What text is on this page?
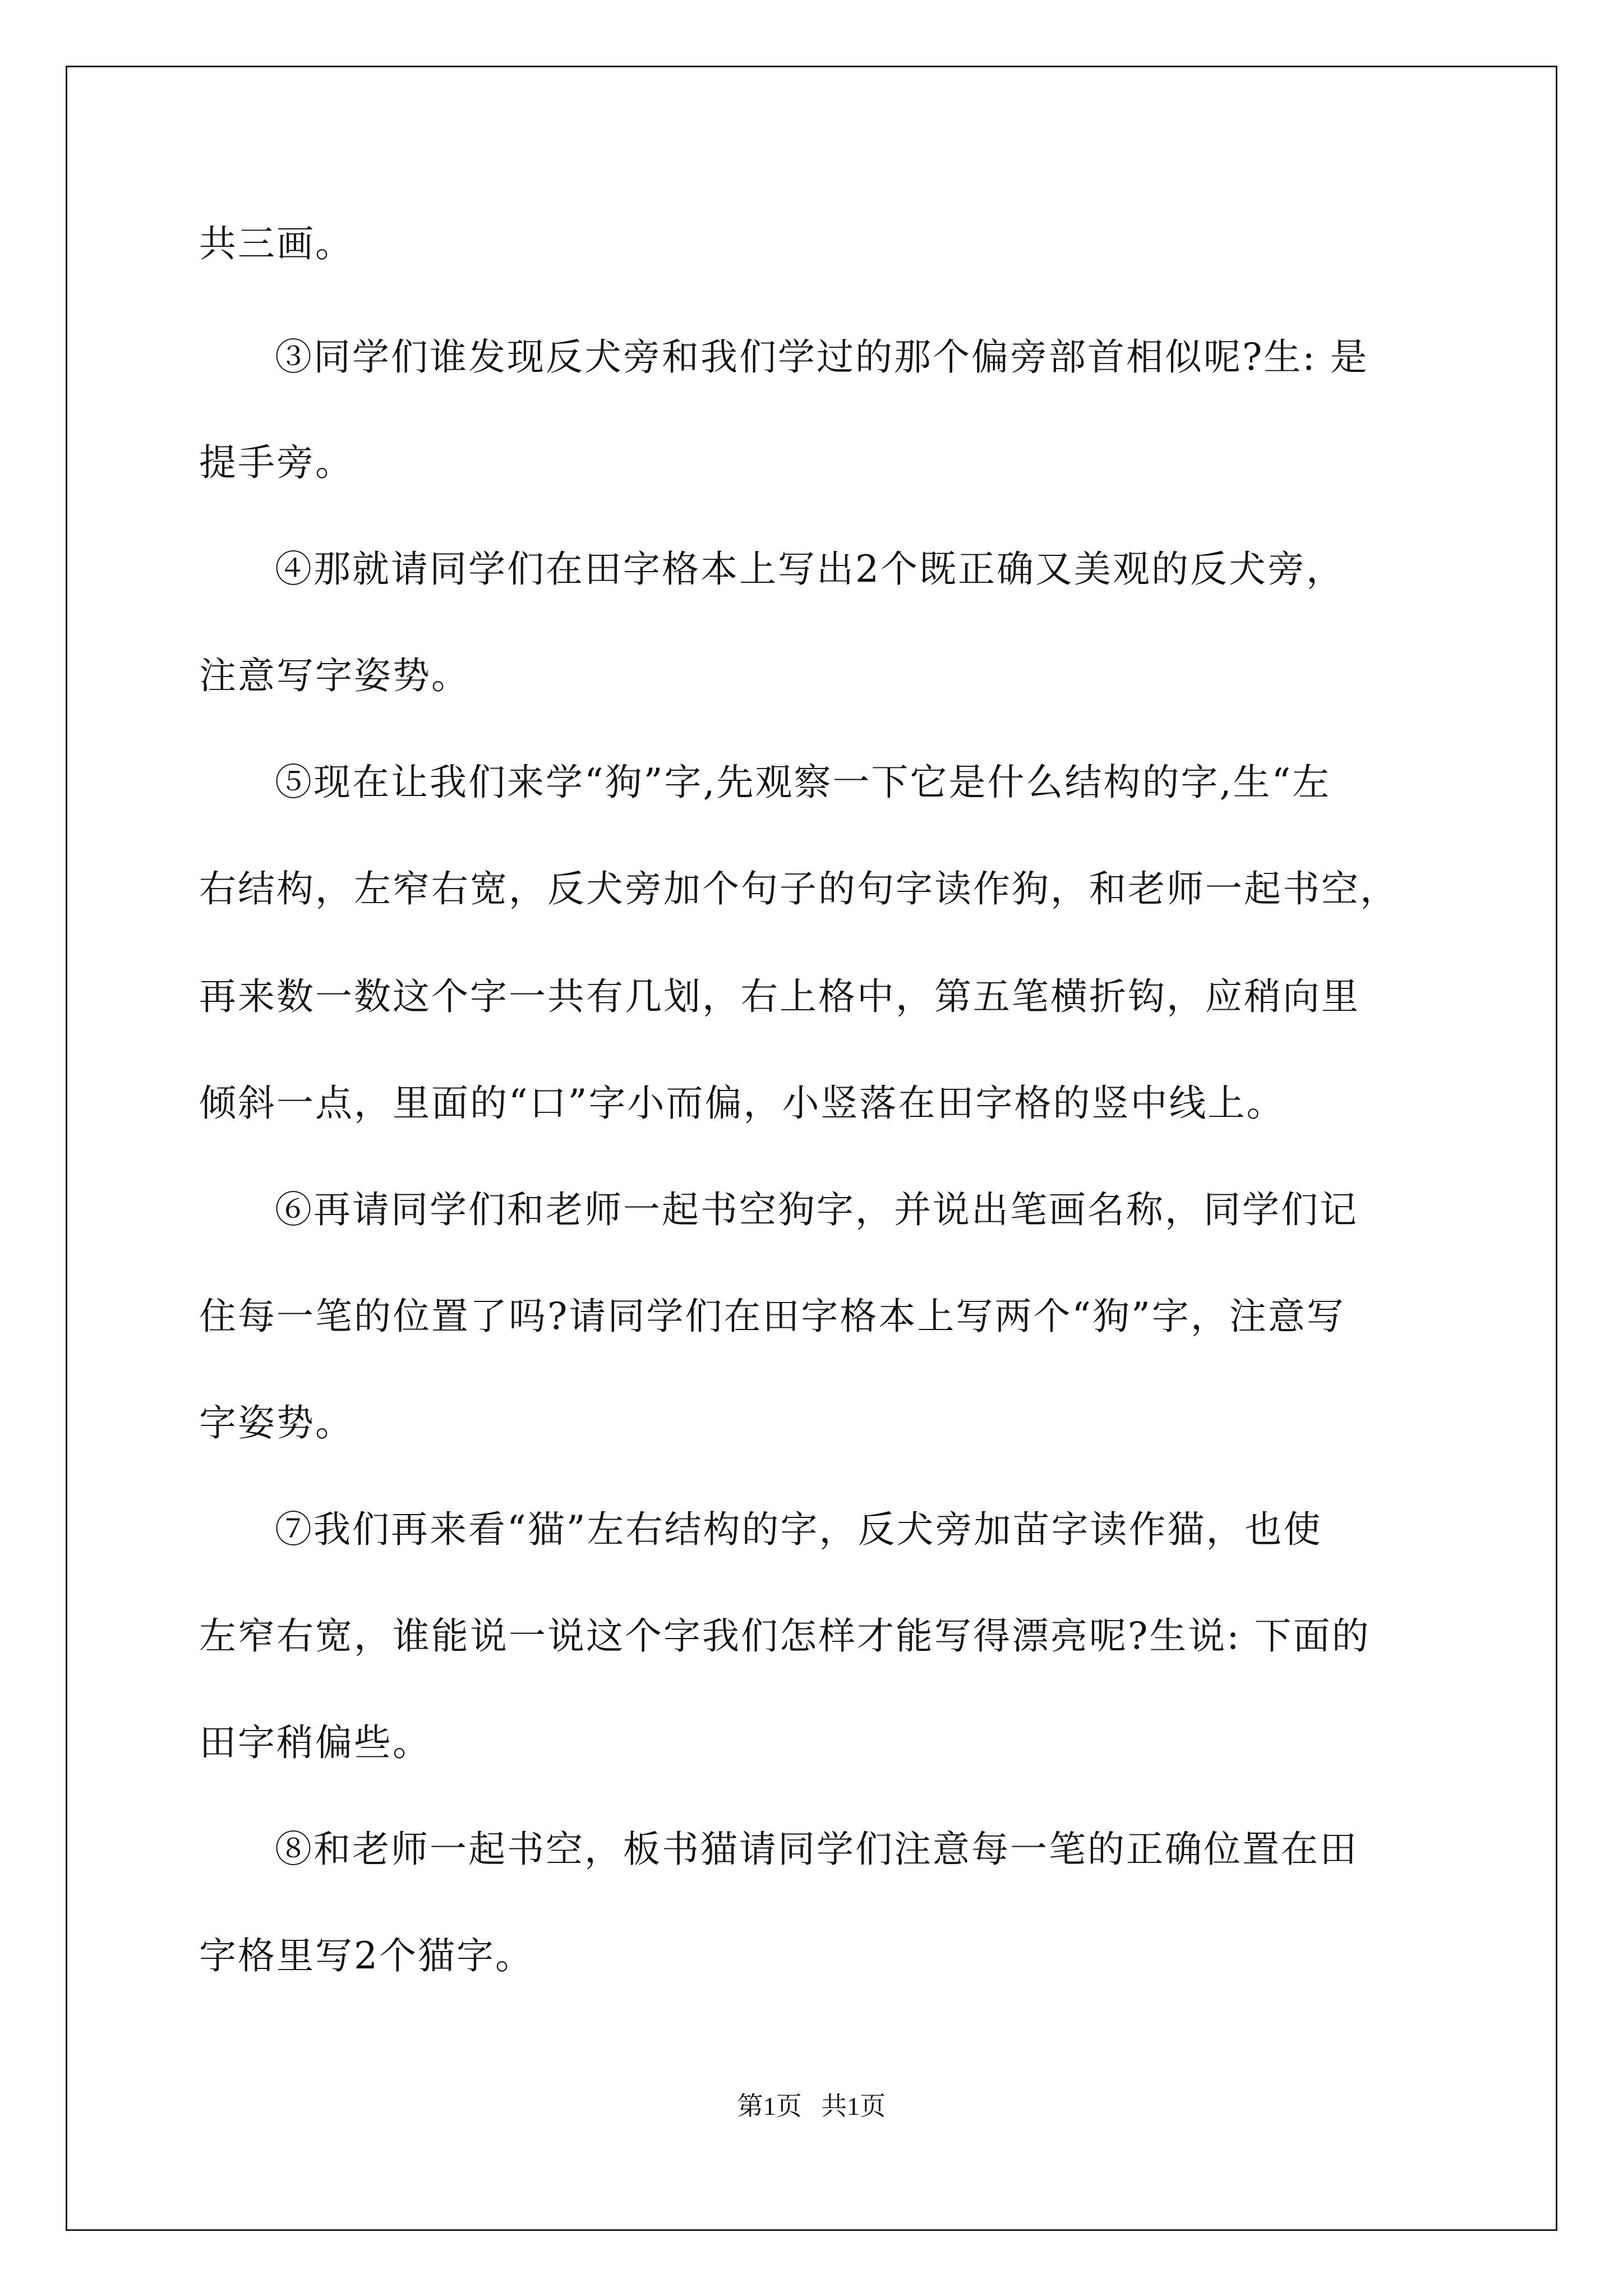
共三画。
③同学们谁发现反犬旁和我们学过的那个偏旁部首相似呢?生: 是
提手旁。
④那就请同学们在田字格本上写出2个既正确又美观的反犬旁，
注意写字姿势。
⑤现在让我们来学“狗”字,先观察一下它是什么结构的字,生“左
右结构，左窄右宽，反犬旁加个句子的句字读作狗，和老师一起书空，
再来数一数这个字一共有几划，右上格中，第五笔横折钩，应稍向里
倾斜一点，里面的“口”字小而偏，小竖落在田字格的竖中线上。
⑥再请同学们和老师一起书空狗字，并说出笔画名称，同学们记
住每一笔的位置了吗?请同学们在田字格本上写两个“狗”字，注意写
字姿势。
⑦我们再来看“猫”左右结构的字，反犬旁加苗字读作猫，也使
左窄右宽，谁能说一说这个字我们怎样才能写得漂亮呢?生说: 下面的
田字稍偏些。
⑧和老师一起书空，板书猫请同学们注意每一笔的正确位置在田
字格里写2个猫字。
第1页   共1页
